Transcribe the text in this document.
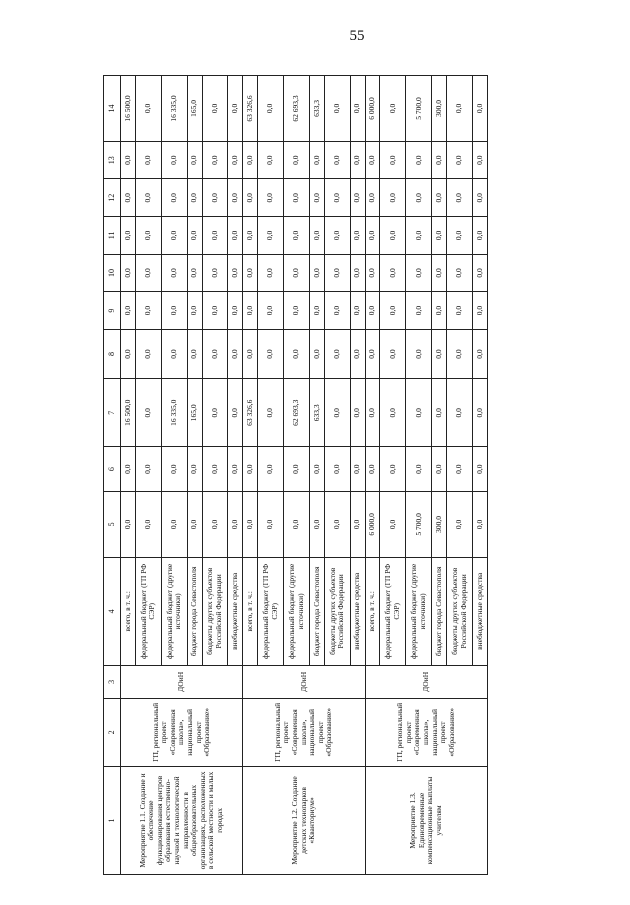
55
1	2	3	4	5	6	7	8	9	10	11	12	13	14
Мероприятие 1.1. Создание и обеспечение функционирования центров образования естественно-научной и технологической направленности в общеобразовательных организациях, расположенных в сельской местности и малых городах	ГП, региональный проект «Современная школа», национальный проект «Образование»	ДОиН	всего, в т. ч.:	0,0	0,0	16 500,0	0,0	0,0	0,0	0,0	0,0	0,0	16 500,0
			федеральный бюджет (ГП РФ СЭР)	0,0	0,0	0,0	0,0	0,0	0,0	0,0	0,0	0,0	0,0
			федеральный бюджет (другие источники)	0,0	0,0	16 335,0	0,0	0,0	0,0	0,0	0,0	0,0	16 335,0
			бюджет города Севастополя	0,0	0,0	165,0	0,0	0,0	0,0	0,0	0,0	0,0	165,0
			бюджеты других субъектов Российской Федерации	0,0	0,0	0,0	0,0	0,0	0,0	0,0	0,0	0,0	0,0
			внебюджетные средства	0,0	0,0	0,0	0,0	0,0	0,0	0,0	0,0	0,0	0,0
Мероприятие 1.2. Создание детских технопарков «Кванториум»	ГП, региональный проект «Современная школа», национальный проект «Образование»	ДОиН	всего, в т. ч.:	0,0	0,0	63 326,6	0,0	0,0	0,0	0,0	0,0	0,0	63 326,6
			федеральный бюджет (ГП РФ СЭР)	0,0	0,0	0,0	0,0	0,0	0,0	0,0	0,0	0,0	0,0
			федеральный бюджет (другие источники)	0,0	0,0	62 693,3	0,0	0,0	0,0	0,0	0,0	0,0	62 693,3
			бюджет города Севастополя	0,0	0,0	633,3	0,0	0,0	0,0	0,0	0,0	0,0	633,3
			бюджеты других субъектов Российской Федерации	0,0	0,0	0,0	0,0	0,0	0,0	0,0	0,0	0,0	0,0
			внебюджетные средства	0,0	0,0	0,0	0,0	0,0	0,0	0,0	0,0	0,0	0,0
Мероприятие 1.3. Единовременные компенсационные выплаты учителям	ГП, региональный проект «Современная школа», национальный проект «Образование»	ДОиН	всего, в т. ч.:	6 000,0	0,0	0,0	0,0	0,0	0,0	0,0	0,0	0,0	6 000,0
			федеральный бюджет (ГП РФ СЭР)	0,0	0,0	0,0	0,0	0,0	0,0	0,0	0,0	0,0	0,0
			федеральный бюджет (другие источники)	5 700,0	0,0	0,0	0,0	0,0	0,0	0,0	0,0	0,0	5 700,0
			бюджет города Севастополя	300,0	0,0	0,0	0,0	0,0	0,0	0,0	0,0	0,0	300,0
			бюджеты других субъектов Российской Федерации	0,0	0,0	0,0	0,0	0,0	0,0	0,0	0,0	0,0	0,0
			внебюджетные средства	0,0	0,0	0,0	0,0	0,0	0,0	0,0	0,0	0,0	0,0
